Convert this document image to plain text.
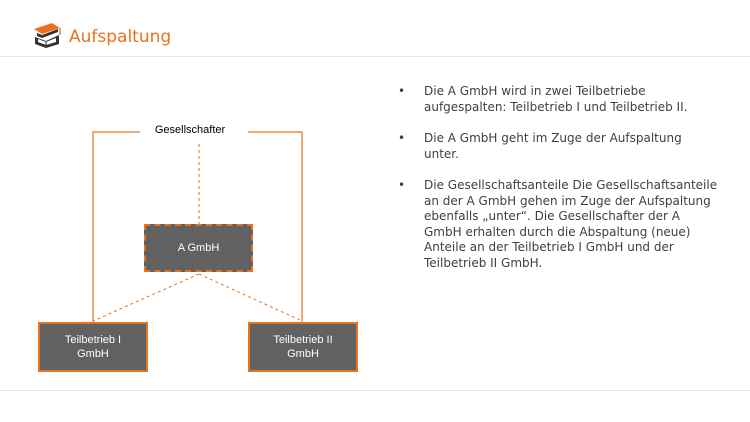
Aufspaltung
Gesellschafter
A GmbH
Teilbetrieb I
GmbH
Teilbetrieb II
GmbH
• Die A GmbH wird in zwei Teilbetriebe aufgespalten: Teilbetrieb I und Teilbetrieb II.
• Die A GmbH geht im Zuge der Aufspaltung unter.
• Die Gesellschaftsanteile Die Gesellschaftsanteile an der A GmbH gehen im Zuge der Aufspaltung ebenfalls „unter“. Die Gesellschafter der A GmbH erhalten durch die Abspaltung (neue) Anteile an der Teilbetrieb I GmbH und der Teilbetrieb II GmbH.
